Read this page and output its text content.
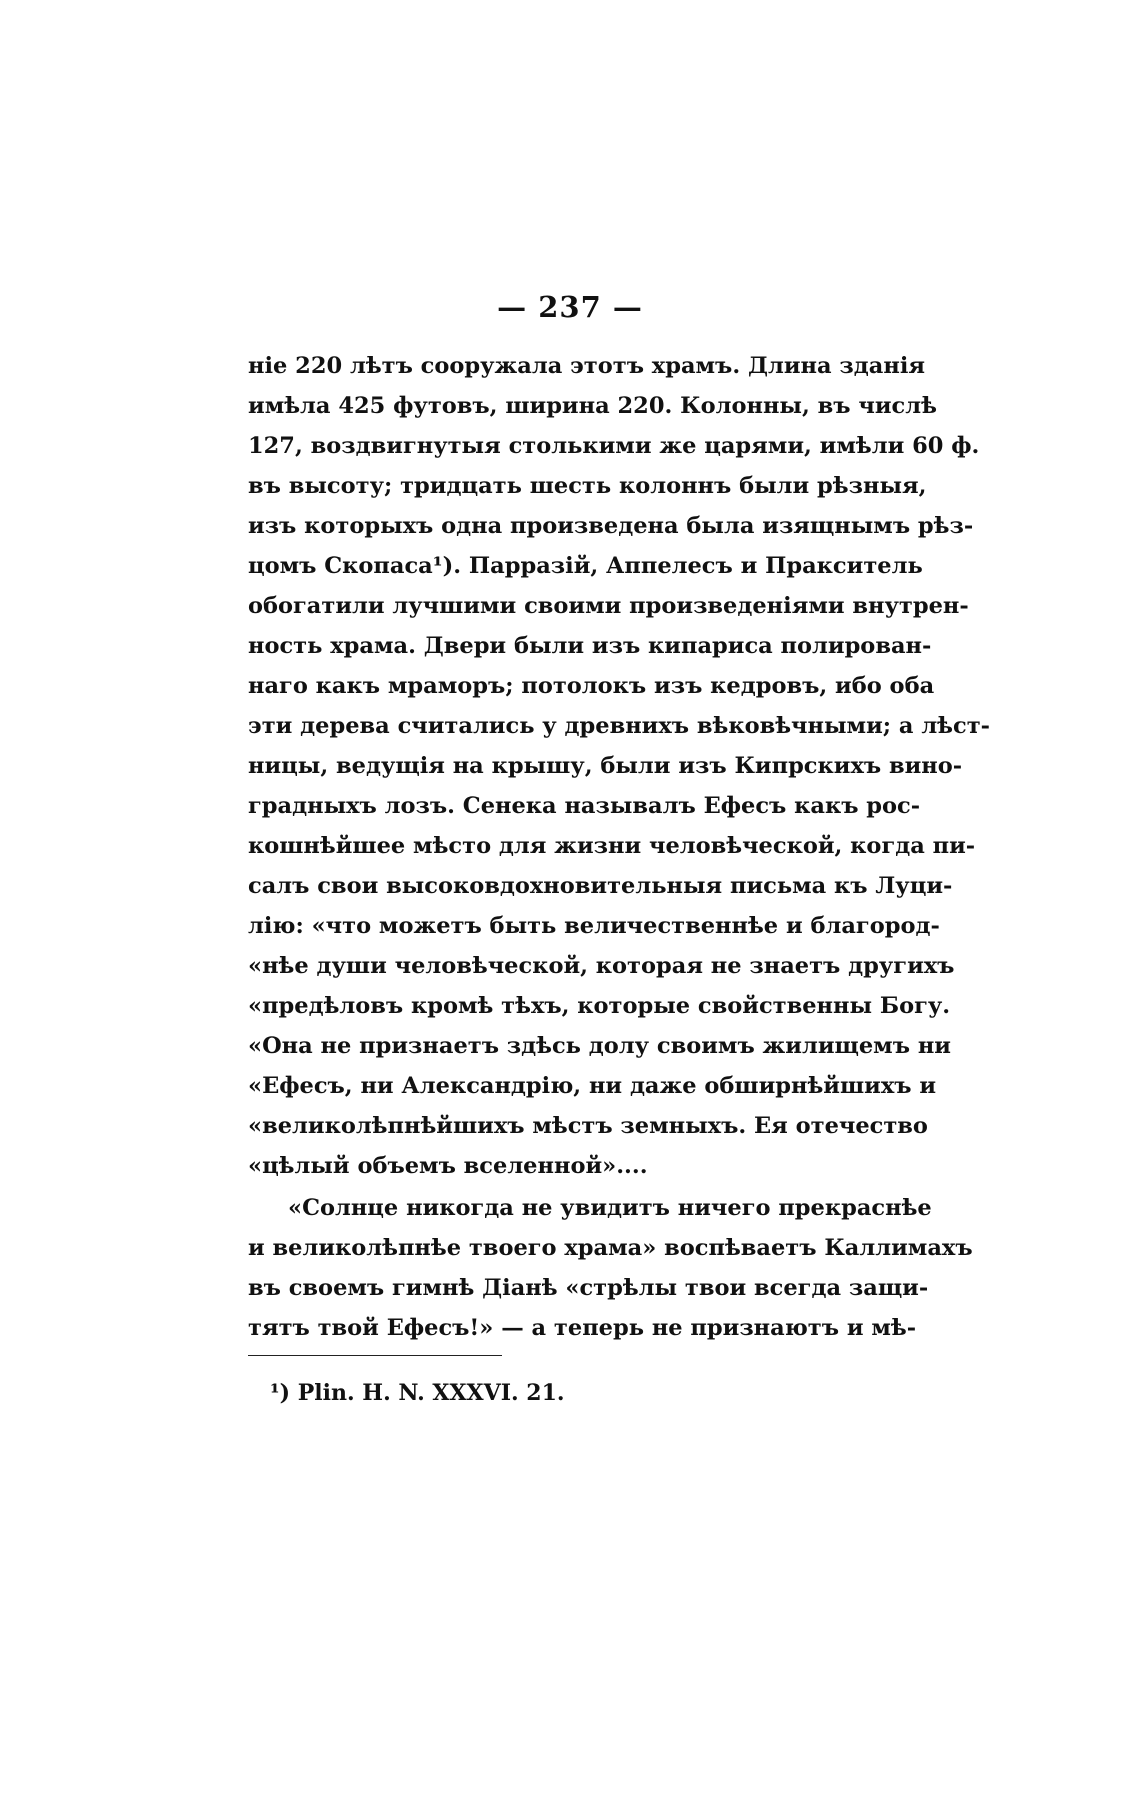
— 237 —
нie 220 лѣтъ сооружала этотъ храмъ. Длина зданія
имѣла 425 футовъ, ширина 220. Колонны, въ числѣ
127, воздвигнутыя столькими же царями, имѣли 60 ф.
въ высоту; тридцать шесть колоннъ были рѣзныя,
изъ которыхъ одна произведена была изящнымъ рѣз-
цомъ Скопаса¹). Парразій, Аппелесъ и Пракситель
обогатили лучшими своими произведеніями внутрен-
ность храма. Двери были изъ кипариса полирован-
наго какъ мраморъ; потолокъ изъ кедровъ, ибо оба
эти дерева считались у древнихъ вѣковѣчными; а лѣст-
ницы, ведущія на крышу, были изъ Кипрскихъ вино-
градныхъ лозъ. Сенека называлъ Ефесъ какъ рос-
кошнѣйшее мѣсто для жизни человѣческой, когда пи-
салъ свои высоковдохновительныя письма къ Луци-
лію: «что можетъ быть величественнѣе и благород-
«нѣе души человѣческой, которая не знаетъ другихъ
«предѣловъ кромѣ тѣхъ, которые свойственны Богу.
«Она не признаетъ здѣсь долу своимъ жилищемъ ни
«Ефесъ, ни Александрію, ни даже обширнѣйшихъ и
«великолѣпнѣйшихъ мѣстъ земныхъ. Ея отечество
«цѣлый объемъ вселенной»....
«Солнце никогда не увидитъ ничего прекраснѣе
и великолѣпнѣе твоего храма» воспѣваетъ Каллимахъ
въ своемъ гимнѣ Діанѣ «стрѣлы твои всегда защи-
тятъ твой Ефесъ!» — а теперь не признаютъ и мѣ-
¹) Plin. H. N. XXXVI. 21.
